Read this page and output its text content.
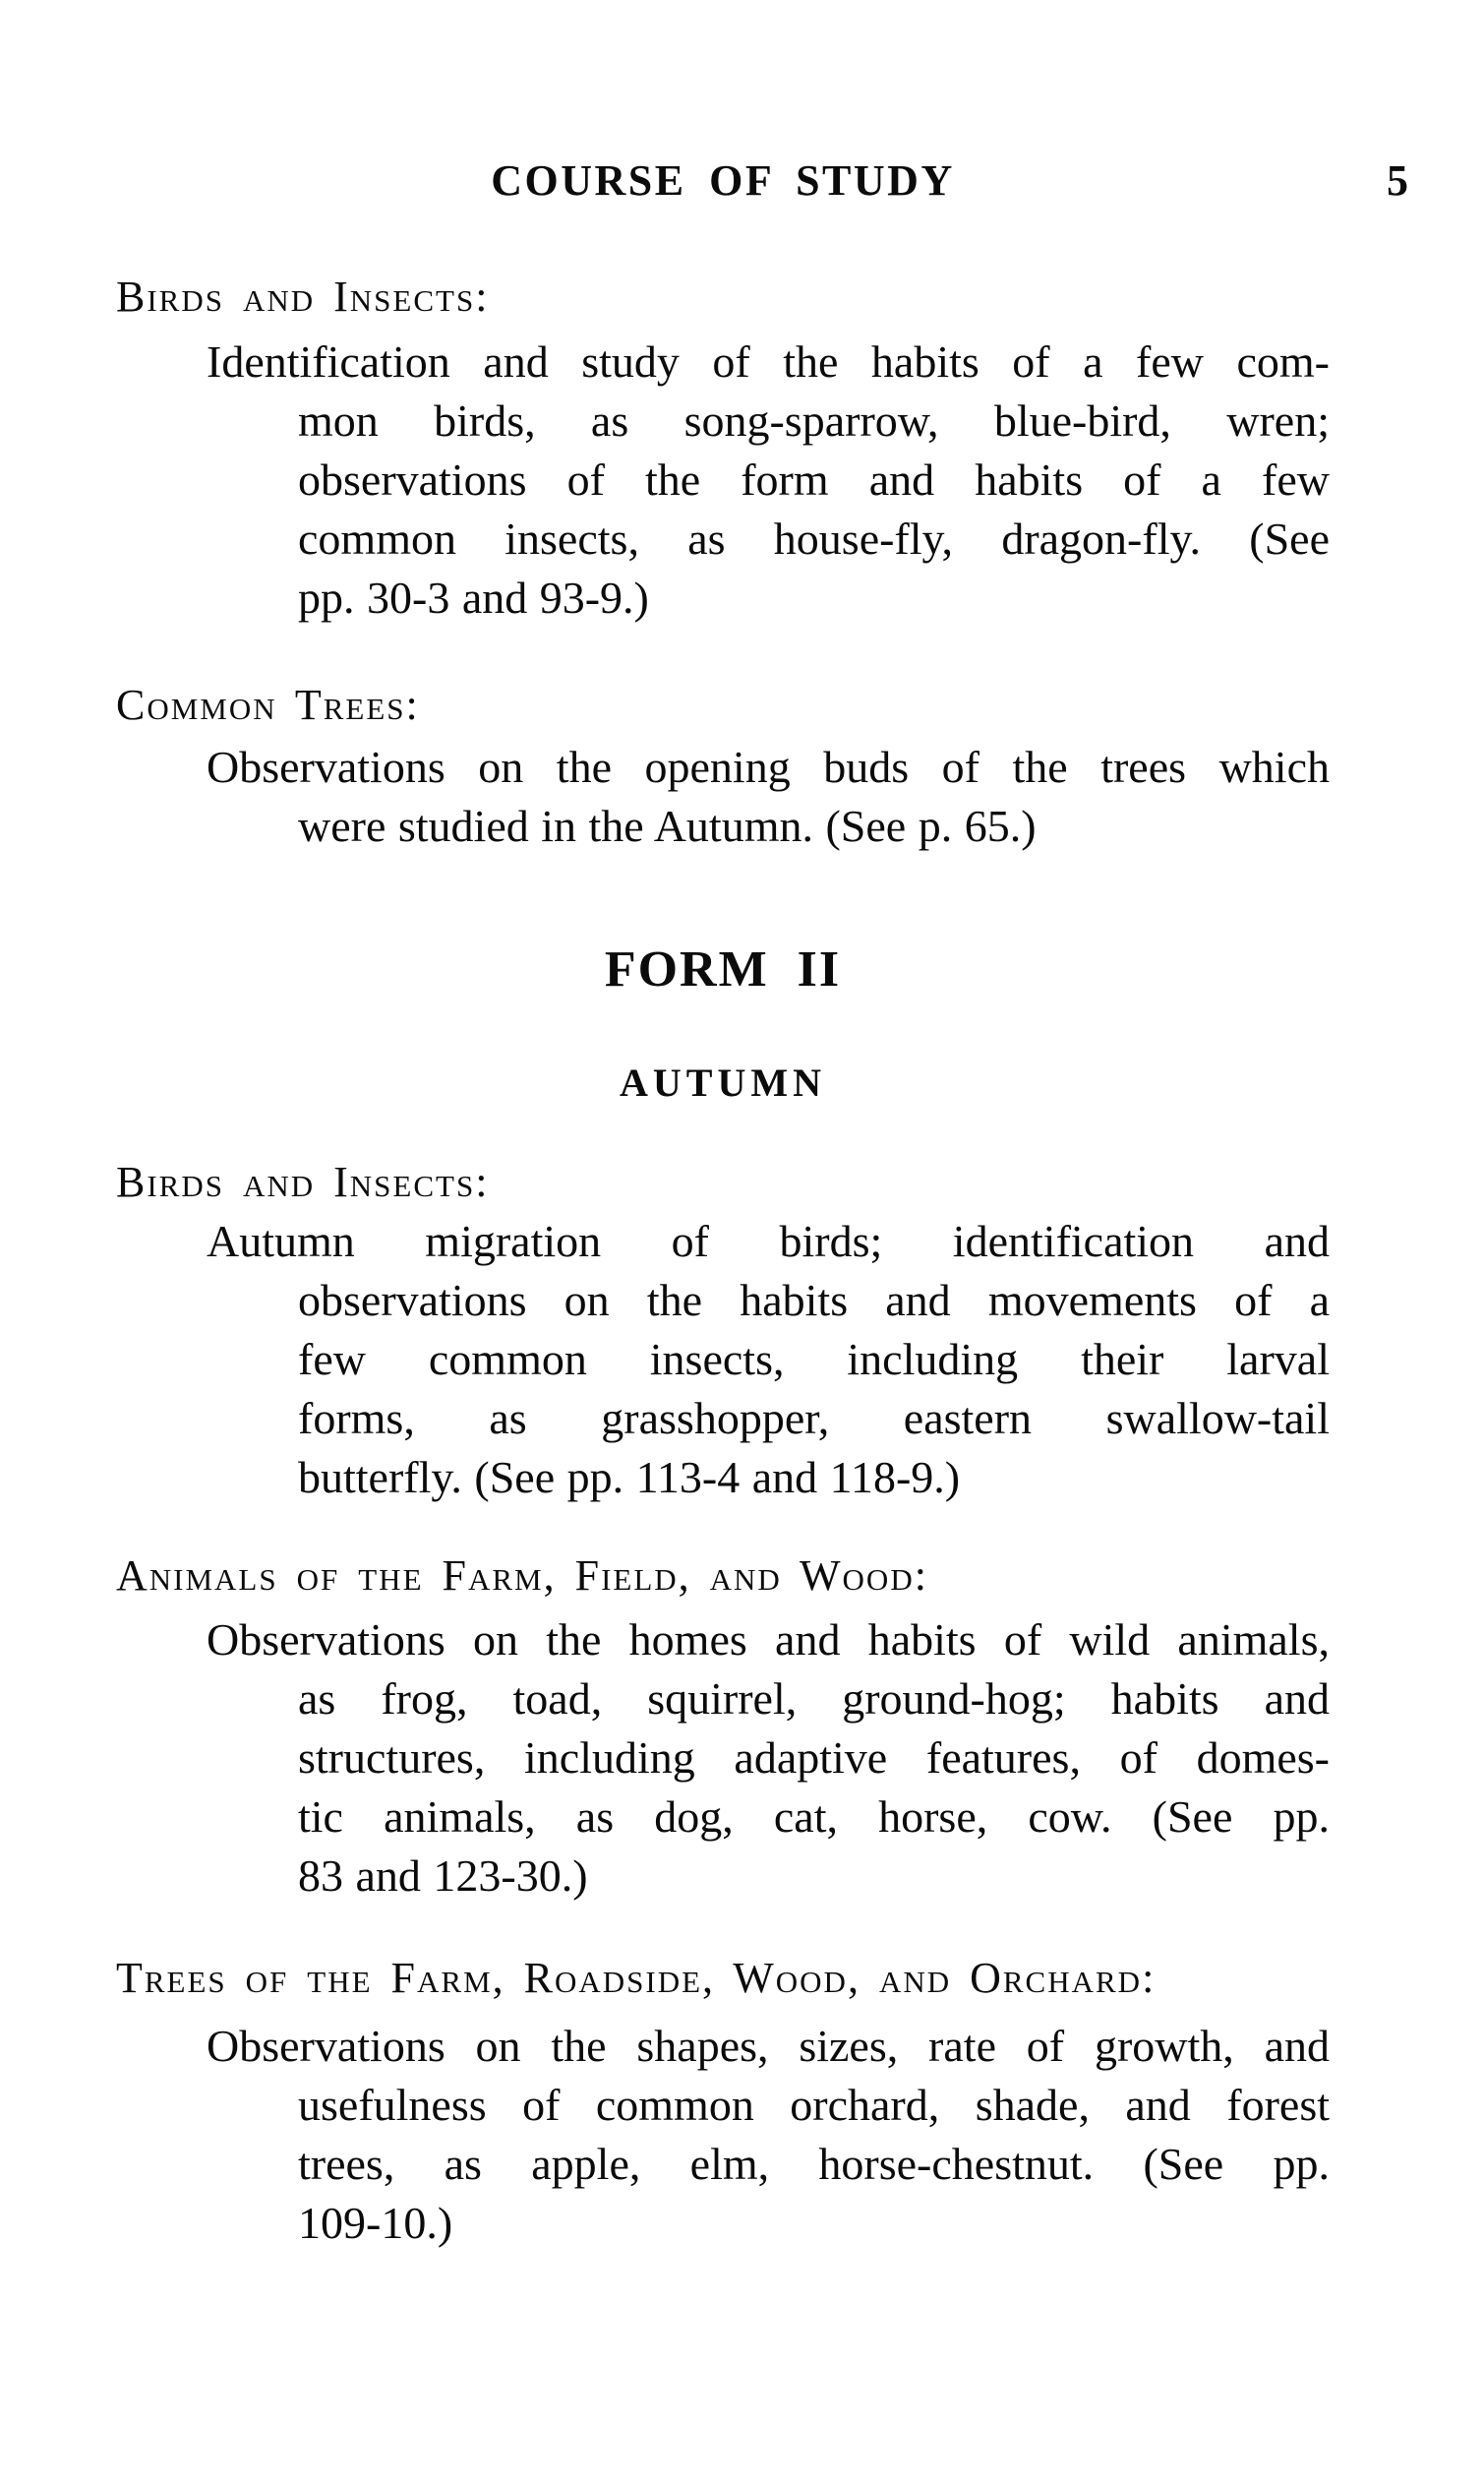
COURSE OF STUDY	5
Birds and Insects:
Identification and study of the habits of a few com-
mon birds, as song-sparrow, blue-bird, wren;
observations of the form and habits of a few
common insects, as house-fly, dragon-fly. (See
pp. 30-3 and 93-9.)
Common Trees:
Observations on the opening buds of the trees which
were studied in the Autumn. (See p. 65.)
FORM II
AUTUMN
Birds and Insects:
Autumn migration of birds; identification and
observations on the habits and movements of a
few common insects, including their larval
forms, as grasshopper, eastern swallow-tail
butterfly. (See pp. 113-4 and 118-9.)
Animals of the Farm, Field, and Wood:
Observations on the homes and habits of wild animals,
as frog, toad, squirrel, ground-hog; habits and
structures, including adaptive features, of domes-
tic animals, as dog, cat, horse, cow. (See pp.
83 and 123-30.)
Trees of the Farm, Roadside, Wood, and Orchard:
Observations on the shapes, sizes, rate of growth, and
usefulness of common orchard, shade, and forest
trees, as apple, elm, horse-chestnut. (See pp.
109-10.)
